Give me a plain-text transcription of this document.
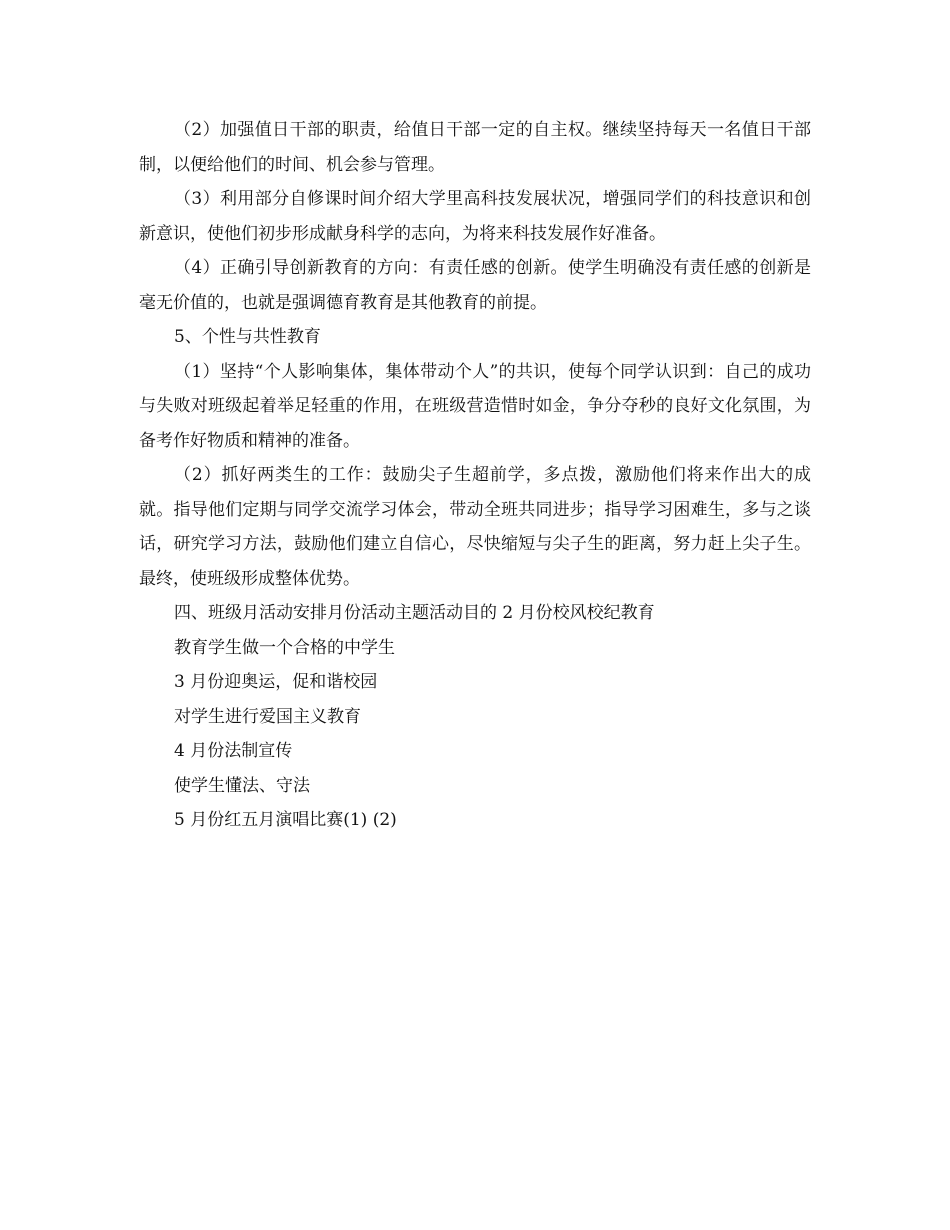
（2）加强值日干部的职责，给值日干部一定的自主权。继续坚持每天一名值日干部制，以便给他们的时间、机会参与管理。

（3）利用部分自修课时间介绍大学里高科技发展状况，增强同学们的科技意识和创新意识，使他们初步形成献身科学的志向，为将来科技发展作好准备。

（4）正确引导创新教育的方向：有责任感的创新。使学生明确没有责任感的创新是毫无价值的，也就是强调德育教育是其他教育的前提。

5、个性与共性教育

（1）坚持“个人影响集体，集体带动个人”的共识，使每个同学认识到：自己的成功与失败对班级起着举足轻重的作用，在班级营造惜时如金，争分夺秒的良好文化氛围，为备考作好物质和精神的准备。

（2）抓好两类生的工作：鼓励尖子生超前学，多点拨，激励他们将来作出大的成就。指导他们定期与同学交流学习体会，带动全班共同进步；指导学习困难生，多与之谈话，研究学习方法，鼓励他们建立自信心，尽快缩短与尖子生的距离，努力赶上尖子生。最终，使班级形成整体优势。

四、班级月活动安排月份活动主题活动目的 2 月份校风校纪教育

教育学生做一个合格的中学生

3 月份迎奥运，促和谐校园

对学生进行爱国主义教育

4 月份法制宣传

使学生懂法、守法

5 月份红五月演唱比赛(1) (2)
